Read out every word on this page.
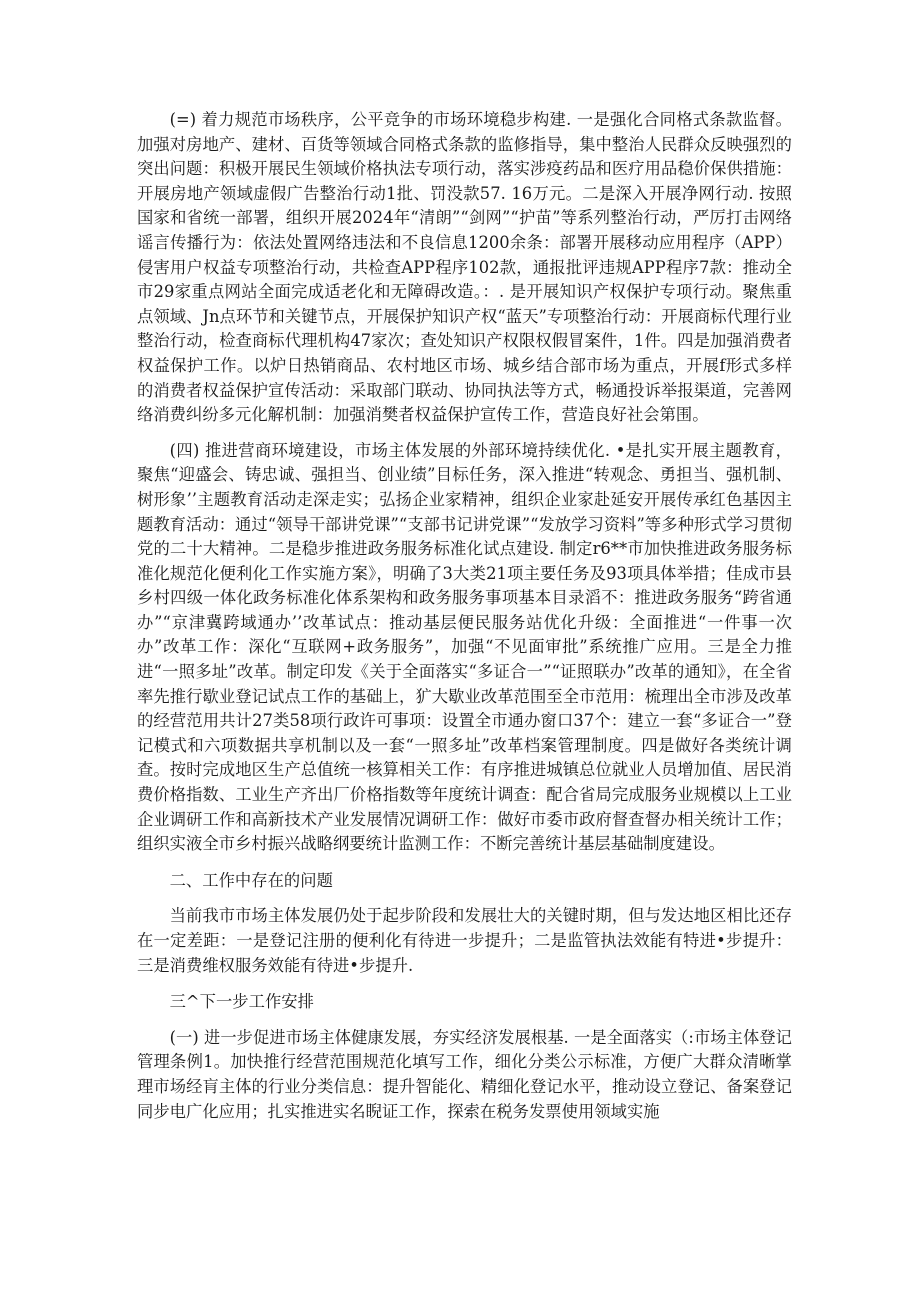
(=) 着力规范市场秩序，公平竞争的市场环境稳步构建. 一是强化合同格式条款监督。加强对房地产、建材、百货等领域合同格式条款的监修指导，集中整治人民群众反映强烈的突出问题：积极开展民生领域价格执法专项行动，落实涉疫药品和医疗用品稳价保供措施：开展房地产领域虚假广告整治行动1批、罚没款57. 16万元。二是深入开展净网行动. 按照国家和省统一部署，组织开展2024年“清朗”“剑网”“护苗”等系列整治行动，严厉打击网络谣言传播行为：依法处置网络违法和不良信息1200余条：部署开展移动应用程序（APP）侵害用户权益专项整治行动，共检查APP程序102款，通报批评违规APP程序7款：推动全市29家重点网站全面完成适老化和无障碍改造。：. 是开展知识产权保护专项行动。聚焦重点领域、Jn点环节和关键节点，开展保护知识产权“蓝天”专项整治行动：开展商标代理行业整治行动，检查商标代理机构47家次；查处知识产权限权假冒案件，1件。四是加强消费者权益保护工作。以炉日热销商品、农村地区市场、城乡结合部市场为重点，开展f形式多样的消费者权益保护宣传活动：采取部门联动、协同执法等方式，畅通投诉举报渠道，完善网络消费纠纷多元化解机制：加强消樊者权益保护宣传工作，营造良好社会第围。

(四) 推进营商环境建设，市场主体发展的外部环境持续优化. •是扎实开展主题教育，聚焦“迎盛会、铸忠诚、强担当、创业绩”目标任务，深入推进“转观念、勇担当、强机制、树形象’’主题教育活动走深走实；弘扬企业家精神，组织企业家赴延安开展传承红色基因主题教育活动：通过“领导干部讲党课”“支部书记讲党课”“发放学习资料”等多种形式学习贯彻党的二十大精神。二是稳步推进政务服务标准化试点建设. 制定r6**市加快推进政务服务标准化规范化便利化工作实施方案》，明确了3大类21项主要任务及93项具体举措；佳成市县乡村四级一体化政务标准化体系架构和政务服务事项基本目录滔不：推进政务服务“跨省通办”“京津冀跨域通办’’改革试点：推动基层便民服务站优化升级：全面推进“一件事一次办”改革工作：深化“互联网+政务服务”，加强“不见面审批”系统推广应用。三是全力推进“一照多址”改革。制定印发《关于全面落实“多证合一”“证照联办”改革的通知》，在全省率先推行歇业登记试点工作的基础上，犷大歇业改革范围至全市范用：梳理出全市涉及改革的经营范用共计27类58项行政许可事项：设置全市通办窗口37个：建立一套“多证合一”登记模式和六项数据共享机制以及一套“一照多址”改革档案管理制度。四是做好各类统计调查。按时完成地区生产总值统一核算相关工作：有序推进城镇总位就业人员增加值、居民消费价格指数、工业生产齐出厂价格指数等年度统计调查：配合省局完成服务业规模以上工业企业调研工作和高新技术产业发展情况调研工作：做好市委市政府督查督办相关统计工作；组织实液全市乡村振兴战略纲要统计监测工作：不断完善统计基层基础制度建设。

二、工作中存在的问题

当前我市市场主体发展仍处于起步阶段和发展壮大的关键时期，但与发达地区相比还存在一定差距：一是登记注册的便利化有待进一步提升；二是监管执法效能有特进•步提升：三是消费维权服务效能有待进•步提升.

三^下一步工作安排

(一) 进一步促进市场主体健康发展，夯实经济发展根基. 一是全面落实（:市场主体登记管理条例1。加快推行经营范围规范化填写工作，细化分类公示标准，方便广大群众清晰掌理市场经肓主体的行业分类信息：提升智能化、精细化登记水平，推动设立登记、备案登记同步电广化应用；扎实推进实名睨证工作，探索在税务发票使用领域实施
